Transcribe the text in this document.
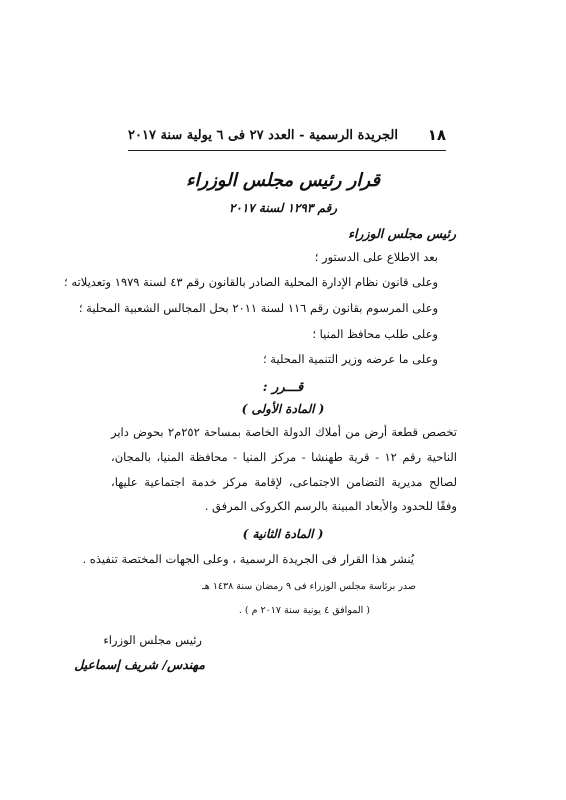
١٨
الجريدة الرسمية - العدد ٢٧ فى ٦ يولية سنة ٢٠١٧
قرار رئيس مجلس الوزراء
رقم ١٢٩٣ لسنة ٢٠١٧
رئيس مجلس الوزراء
بعد الاطلاع على الدستور ؛
وعلى قانون نظام الإدارة المحلية الصادر بالقانون رقم ٤٣ لسنة ١٩٧٩ وتعديلاته ؛
وعلى المرسوم بقانون رقم ١١٦ لسنة ٢٠١١ بحل المجالس الشعبية المحلية ؛
وعلى طلب محافظ المنيا ؛
وعلى ما عرضه وزير التنمية المحلية ؛
قـــرر :
( المادة الأولى )
تخصص قطعة أرض من أملاك الدولة الخاصة بمساحة ٢٥٢م٢ بحوض داير الناحية رقم ١٢ - قرية طهنشا - مركز المنيا - محافظة المنيا، بالمجان، لصالح مديرية التضامن الاجتماعى، لإقامة مركز خدمة اجتماعية عليها، وفقًا للحدود والأبعاد المبينة بالرسم الكروكى المرفق .
( المادة الثانية )
يُنشر هذا القرار فى الجريدة الرسمية ، وعلى الجهات المختصة تنفيذه .
صدر برئاسة مجلس الوزراء فى ٩ رمضان سنة ١٤٣٨ هـ
( الموافق ٤ يونية سنة ٢٠١٧ م ) .
رئيس مجلس الوزراء
مهندس/ شريف إسماعيل
